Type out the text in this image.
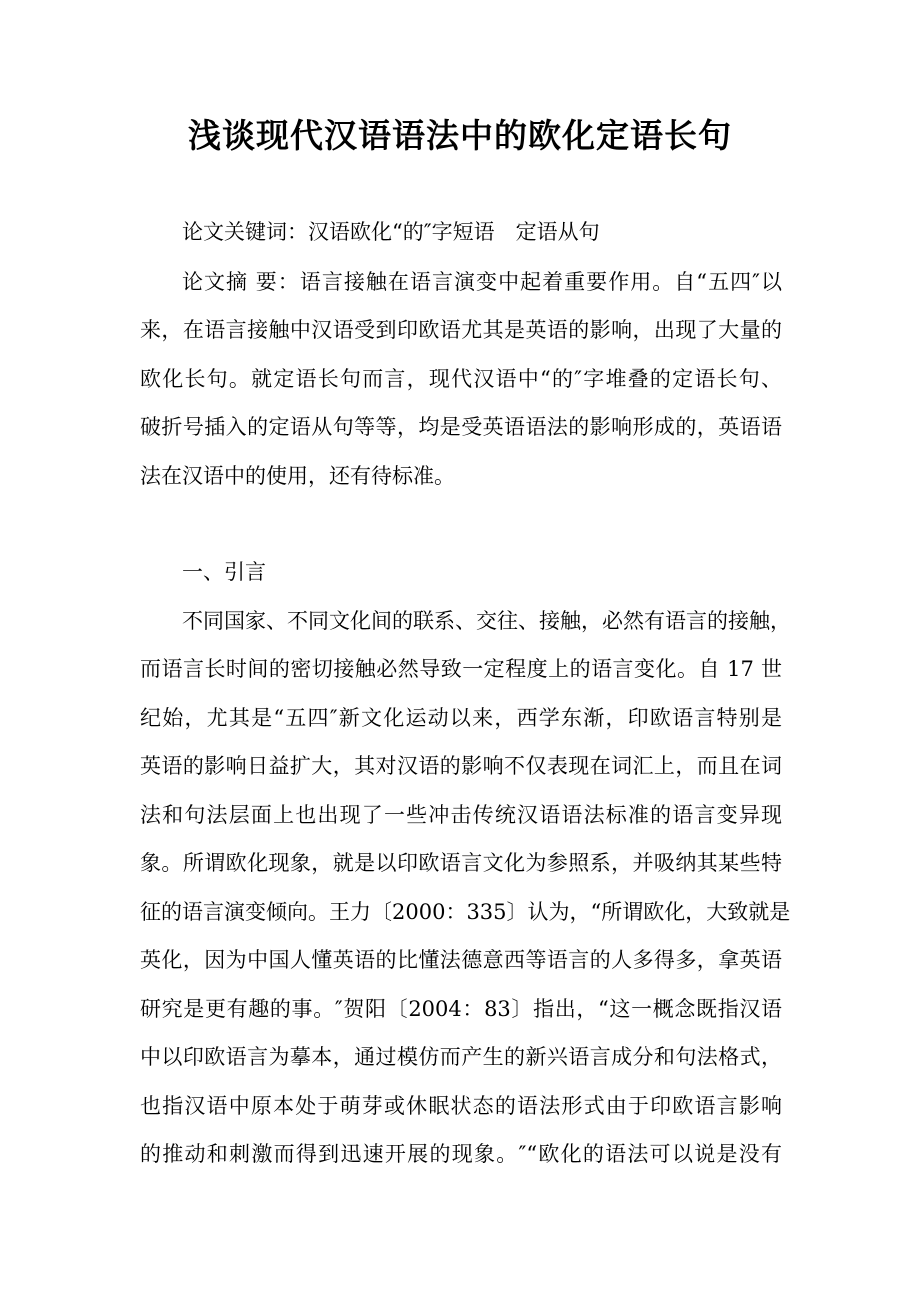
浅谈现代汉语语法中的欧化定语长句
论文关键词：汉语欧化“的″字短语　定语从句
论文摘 要：语言接触在语言演变中起着重要作用。自“五四″以
来，在语言接触中汉语受到印欧语尤其是英语的影响，出现了大量的
欧化长句。就定语长句而言，现代汉语中“的″字堆叠的定语长句、
破折号插入的定语从句等等，均是受英语语法的影响形成的，英语语
法在汉语中的使用，还有待标准。
一、引言
不同国家、不同文化间的联系、交往、接触，必然有语言的接触，
而语言长时间的密切接触必然导致一定程度上的语言变化。自 17 世
纪始，尤其是“五四″新文化运动以来，西学东渐，印欧语言特别是
英语的影响日益扩大，其对汉语的影响不仅表现在词汇上，而且在词
法和句法层面上也出现了一些冲击传统汉语语法标准的语言变异现
象。所谓欧化现象，就是以印欧语言文化为参照系，并吸纳其某些特
征的语言演变倾向。王力〔2000：335〕认为，“所谓欧化，大致就是
英化，因为中国人懂英语的比懂法德意西等语言的人多得多，拿英语
研究是更有趣的事。″贺阳〔2004：83〕指出，“这一概念既指汉语
中以印欧语言为摹本，通过模仿而产生的新兴语言成分和句法格式，
也指汉语中原本处于萌芽或休眠状态的语法形式由于印欧语言影响
的推动和刺激而得到迅速开展的现象。″“欧化的语法可以说是没有
